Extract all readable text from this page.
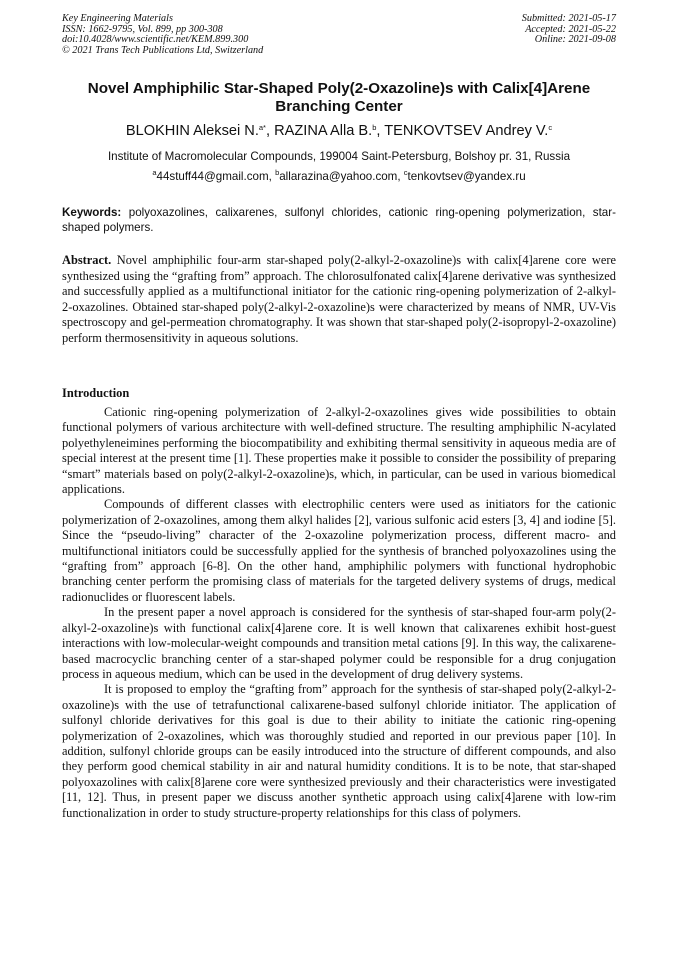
Key Engineering Materials
ISSN: 1662-9795, Vol. 899, pp 300-308
doi:10.4028/www.scientific.net/KEM.899.300
© 2021 Trans Tech Publications Ltd, Switzerland
Submitted: 2021-05-17
Accepted: 2021-05-22
Online: 2021-09-08
Novel Amphiphilic Star-Shaped Poly(2-Oxazoline)s with Calix[4]Arene Branching Center
BLOKHIN Aleksei N.$^{a*}$, RAZINA Alla B.$^b$, TENKOVTSEV Andrey V.$^c$
Institute of Macromolecular Compounds, 199004 Saint-Petersburg, Bolshoy pr. 31, Russia
$^a$44stuff44@gmail.com, $^b$allarazina@yahoo.com, $^c$tenkovtsev@yandex.ru
Keywords: polyoxazolines, calixarenes, sulfonyl chlorides, cationic ring-opening polymerization, star-shaped polymers.
Abstract. Novel amphiphilic four-arm star-shaped poly(2-alkyl-2-oxazoline)s with calix[4]arene core were synthesized using the “grafting from” approach. The chlorosulfonated calix[4]arene derivative was synthesized and successfully applied as a multifunctional initiator for the cationic ring-opening polymerization of 2-alkyl-2-oxazolines. Obtained star-shaped poly(2-alkyl-2-oxazoline)s were characterized by means of NMR, UV-Vis spectroscopy and gel-permeation chromatography. It was shown that star-shaped poly(2-isopropyl-2-oxazoline) perform thermosensitivity in aqueous solutions.
Introduction

Cationic ring-opening polymerization of 2-alkyl-2-oxazolines gives wide possibilities to obtain functional polymers of various architecture with well-defined structure. The resulting amphiphilic N-acylated polyethyleneimines performing the biocompatibility and exhibiting thermal sensitivity in aqueous media are of special interest at the present time [1]. These properties make it possible to consider the possibility of preparing “smart” materials based on poly(2-alkyl-2-oxazoline)s, which, in particular, can be used in various biomedical applications.

Compounds of different classes with electrophilic centers were used as initiators for the cationic polymerization of 2-oxazolines, among them alkyl halides [2], various sulfonic acid esters [3, 4] and iodine [5]. Since the “pseudo-living” character of the 2-oxazoline polymerization process, different macro- and multifunctional initiators could be successfully applied for the synthesis of branched polyoxazolines using the “grafting from” approach [6-8]. On the other hand, amphiphilic polymers with functional hydrophobic branching center perform the promising class of materials for the targeted delivery systems of drugs, medical radionuclides or fluorescent labels.

In the present paper a novel approach is considered for the synthesis of star-shaped four-arm poly(2-alkyl-2-oxazoline)s with functional calix[4]arene core. It is well known that calixarenes exhibit host-guest interactions with low-molecular-weight compounds and transition metal cations [9]. In this way, the calixarene-based macrocyclic branching center of a star-shaped polymer could be responsible for a drug conjugation process in aqueous medium, which can be used in the development of drug delivery systems.

It is proposed to employ the “grafting from” approach for the synthesis of star-shaped poly(2-alkyl-2-oxazoline)s with the use of tetrafunctional calixarene-based sulfonyl chloride initiator. The application of sulfonyl chloride derivatives for this goal is due to their ability to initiate the cationic ring-opening polymerization of 2-oxazolines, which was thoroughly studied and reported in our previous paper [10]. In addition, sulfonyl chloride groups can be easily introduced into the structure of different compounds, and also they perform good chemical stability in air and natural humidity conditions. It is to be note, that star-shaped polyoxazolines with calix[8]arene core were synthesized previously and their characteristics were investigated [11, 12]. Thus, in present paper we discuss another synthetic approach using calix[4]arene with low-rim functionalization in order to study structure-property relationships for this class of polymers.
